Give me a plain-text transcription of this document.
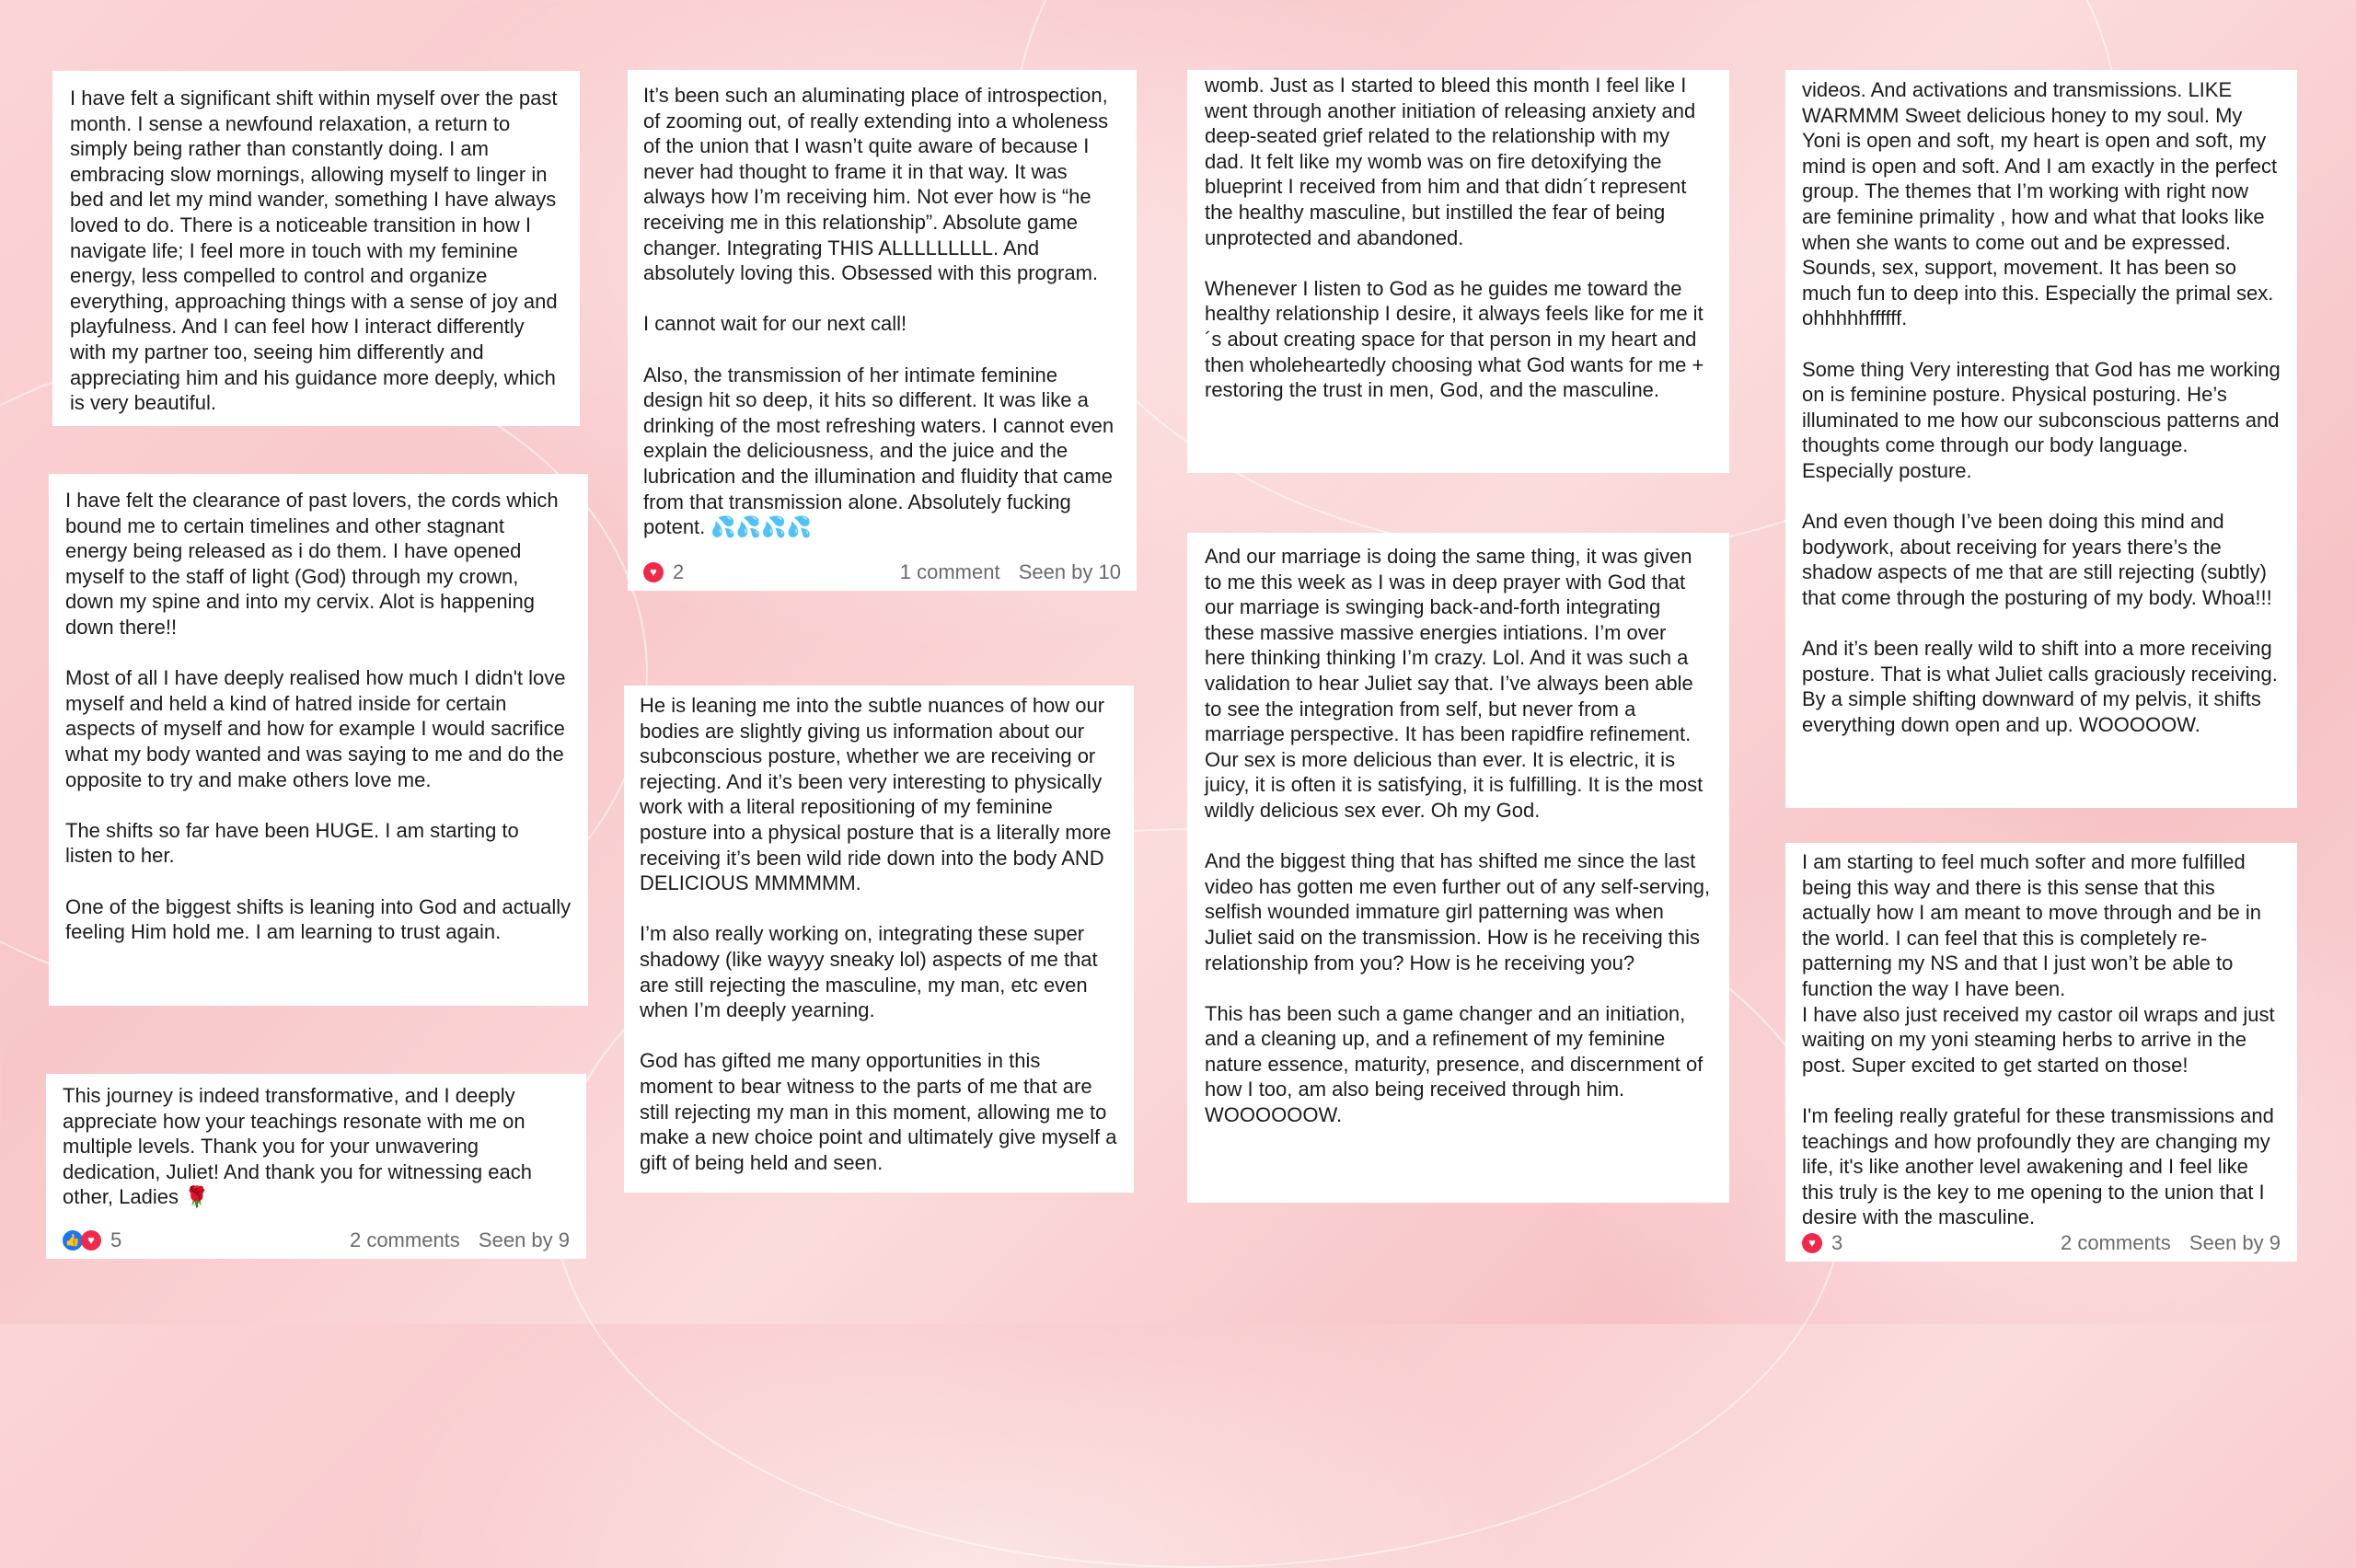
I have felt a significant shift within myself over the past month. I sense a newfound relaxation, a return to simply being rather than constantly doing. I am embracing slow mornings, allowing myself to linger in bed and let my mind wander, something I have always loved to do. There is a noticeable transition in how I navigate life; I feel more in touch with my feminine energy, less compelled to control and organize everything, approaching things with a sense of joy and playfulness. And I can feel how I interact differently with my partner too, seeing him differently and appreciating him and his guidance more deeply, which is very beautiful.

I have felt the clearance of past lovers, the cords which bound me to certain timelines and other stagnant energy being released as i do them. I have opened myself to the staff of light (God) through my crown, down my spine and into my cervix. Alot is happening down there!!

Most of all I have deeply realised how much I didn't love myself and held a kind of hatred inside for certain aspects of myself and how for example I would sacrifice what my body wanted and was saying to me and do the opposite to try and make others love me.

The shifts so far have been HUGE. I am starting to listen to her.

One of the biggest shifts is leaning into God and actually feeling Him hold me. I am learning to trust again.

This journey is indeed transformative, and I deeply appreciate how your teachings resonate with me on multiple levels. Thank you for your unwavering dedication, Juliet! And thank you for witnessing each other, Ladies 🌹

👍 ♥ 5	2 comments Seen by 9

It’s been such an aluminating place of introspection, of zooming out, of really extending into a wholeness of the union that I wasn’t quite aware of because I never had thought to frame it in that way. It was always how I’m receiving him. Not ever how is “he receiving me in this relationship”. Absolute game changer. Integrating THIS ALLLLLLLLL. And absolutely loving this. Obsessed with this program.

I cannot wait for our next call!

Also, the transmission of her intimate feminine design hit so deep, it hits so different. It was like a drinking of the most refreshing waters. I cannot even explain the deliciousness, and the juice and the lubrication and the illumination and fluidity that came from that transmission alone. Absolutely fucking potent. 💦💦💦💦

♥ 2	1 comment Seen by 10

He is leaning me into the subtle nuances of how our bodies are slightly giving us information about our subconscious posture, whether we are receiving or rejecting. And it’s been very interesting to physically work with a literal repositioning of my feminine posture into a physical posture that is a literally more receiving it’s been wild ride down into the body AND DELICIOUS MMMMMM.

I’m also really working on, integrating these super shadowy (like wayyy sneaky lol) aspects of me that are still rejecting the masculine, my man, etc even when I’m deeply yearning.

God has gifted me many opportunities in this moment to bear witness to the parts of me that are still rejecting my man in this moment, allowing me to make a new choice point and ultimately give myself a gift of being held and seen.

womb. Just as I started to bleed this month I feel like I went through another initiation of releasing anxiety and deep-seated grief related to the relationship with my dad. It felt like my womb was on fire detoxifying the blueprint I received from him and that didn´t represent the healthy masculine, but instilled the fear of being unprotected and abandoned.

Whenever I listen to God as he guides me toward the healthy relationship I desire, it always feels like for me it´s about creating space for that person in my heart and then wholeheartedly choosing what God wants for me + restoring the trust in men, God, and the masculine.

And our marriage is doing the same thing, it was given to me this week as I was in deep prayer with God that our marriage is swinging back-and-forth integrating these massive massive energies intiations. I’m over here thinking thinking I’m crazy. Lol. And it was such a validation to hear Juliet say that. I’ve always been able to see the integration from self, but never from a marriage perspective. It has been rapidfire refinement. Our sex is more delicious than ever. It is electric, it is juicy, it is often it is satisfying, it is fulfilling. It is the most wildly delicious sex ever. Oh my God.

And the biggest thing that has shifted me since the last video has gotten me even further out of any self-serving, selfish wounded immature girl patterning was when Juliet said on the transmission. How is he receiving this relationship from you? How is he receiving you?

This has been such a game changer and an initiation, and a cleaning up, and a refinement of my feminine nature essence, maturity, presence, and discernment of how I too, am also being received through him. WOOOOOOW.

videos. And activations and transmissions. LIKE WARMMM Sweet delicious honey to my soul. My Yoni is open and soft, my heart is open and soft, my mind is open and soft. And I am exactly in the perfect group. The themes that I’m working with right now are feminine primality , how and what that looks like when she wants to come out and be expressed.
Sounds, sex, support, movement. It has been so much fun to deep into this. Especially the primal sex. ohhhhhffffff.

Some thing Very interesting that God has me working on is feminine posture. Physical posturing. He’s illuminated to me how our subconscious patterns and thoughts come through our body language. Especially posture.

And even though I’ve been doing this mind and bodywork, about receiving for years there’s the shadow aspects of me that are still rejecting (subtly) that come through the posturing of my body. Whoa!!!

And it’s been really wild to shift into a more receiving posture. That is what Juliet calls graciously receiving. By a simple shifting downward of my pelvis, it shifts everything down open and up. WOOOOOW.

I am starting to feel much softer and more fulfilled being this way and there is this sense that this actually how I am meant to move through and be in the world. I can feel that this is completely re-patterning my NS and that I just won’t be able to function the way I have been.
I have also just received my castor oil wraps and just waiting on my yoni steaming herbs to arrive in the post. Super excited to get started on those!

I'm feeling really grateful for these transmissions and teachings and how profoundly they are changing my life, it's like another level awakening and I feel like this truly is the key to me opening to the union that I desire with the masculine.

♥ 3	2 comments Seen by 9
